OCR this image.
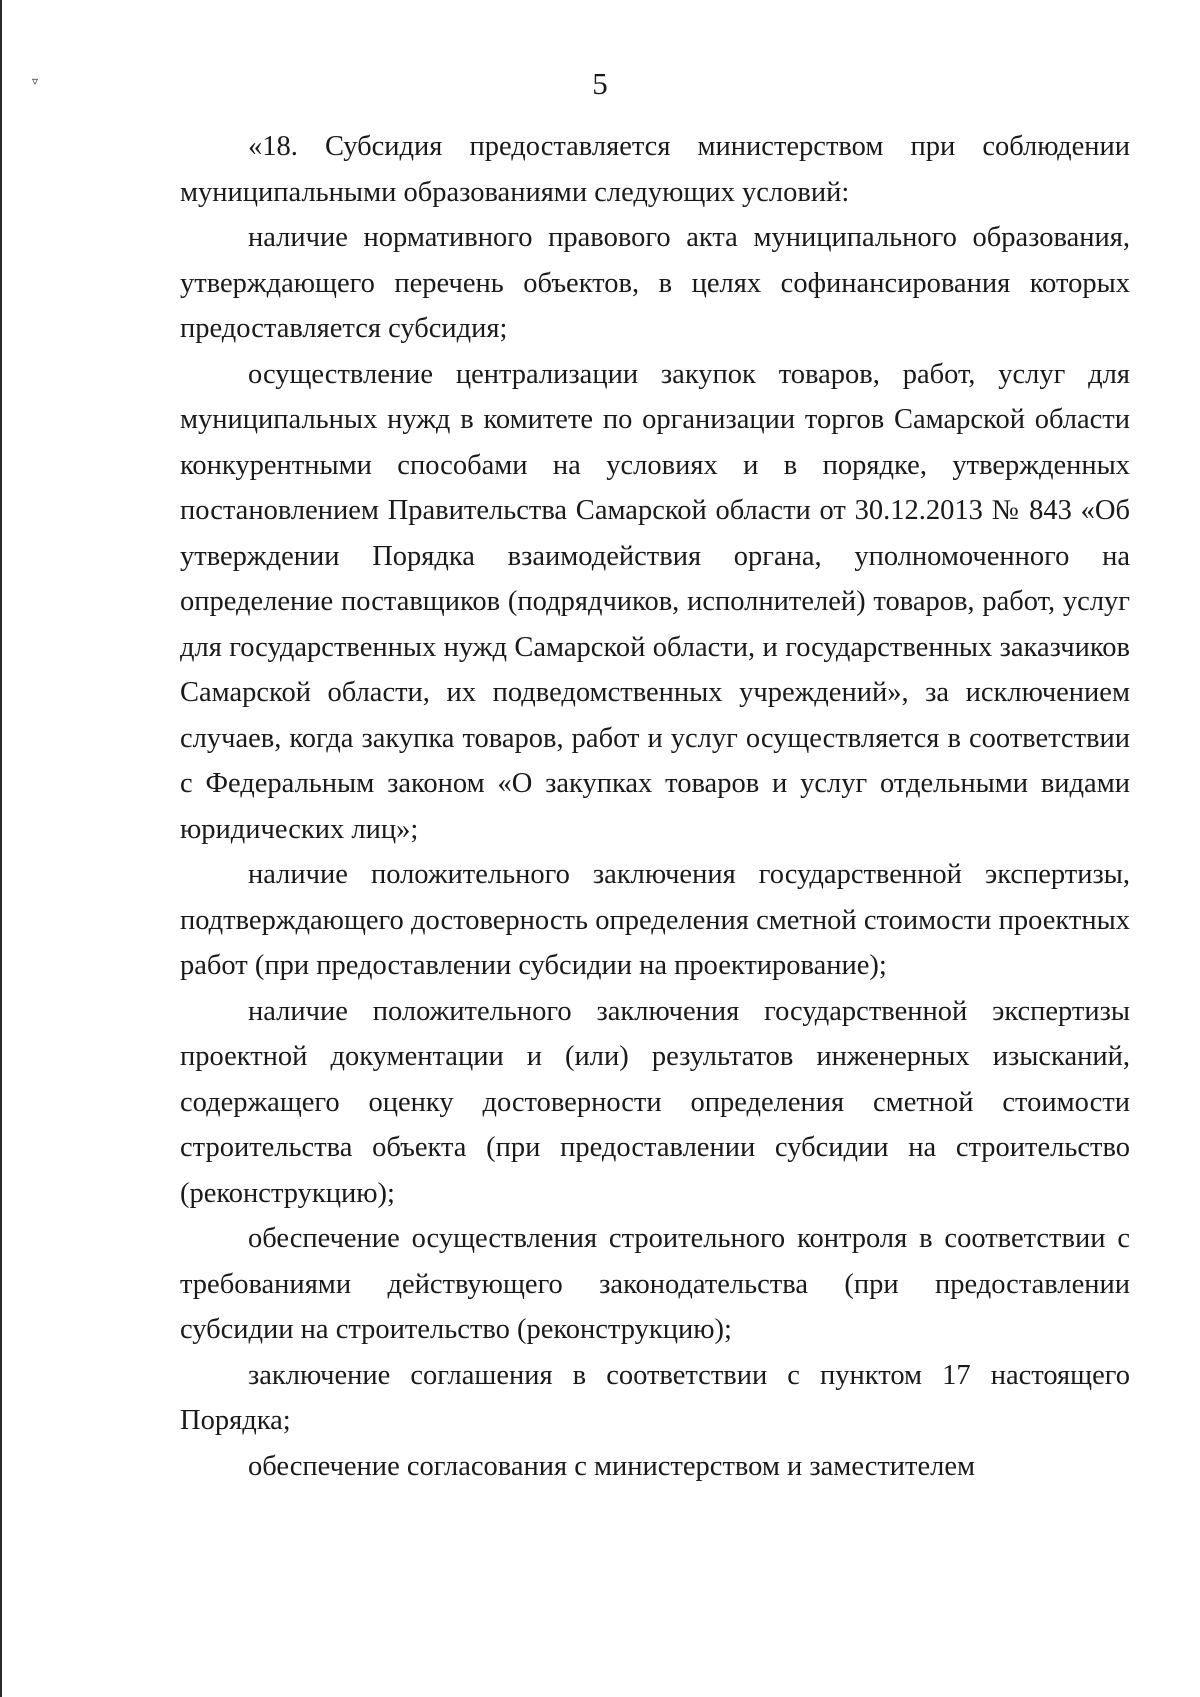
▿	5

«18. Субсидия предоставляется министерством при соблюдении муниципальными образованиями следующих условий:

наличие нормативного правового акта муниципального образования, утверждающего перечень объектов, в целях софинансирования которых предоставляется субсидия;

осуществление централизации закупок товаров, работ, услуг для муниципальных нужд в комитете по организации торгов Самарской области конкурентными способами на условиях и в порядке, утвержденных постановлением Правительства Самарской области от 30.12.2013 № 843 «Об утверждении Порядка взаимодействия органа, уполномоченного на определение поставщиков (подрядчиков, исполнителей) товаров, работ, услуг для государственных нужд Самарской области, и государственных заказчиков Самарской области, их подведомственных учреждений», за исключением случаев, когда закупка товаров, работ и услуг осуществляется в соответствии с Федеральным законом «О закупках товаров и услуг отдельными видами юридических лиц»;

наличие положительного заключения государственной экспертизы, подтверждающего достоверность определения сметной стоимости проектных работ (при предоставлении субсидии на проектирование);

наличие положительного заключения государственной экспертизы проектной документации и (или) результатов инженерных изысканий, содержащего оценку достоверности определения сметной стоимости строительства объекта (при предоставлении субсидии на строительство (реконструкцию);

обеспечение осуществления строительного контроля в соответствии с требованиями действующего законодательства (при предоставлении субсидии на строительство (реконструкцию);

заключение соглашения в соответствии с пунктом 17 настоящего Порядка;

обеспечение согласования с министерством и заместителем
